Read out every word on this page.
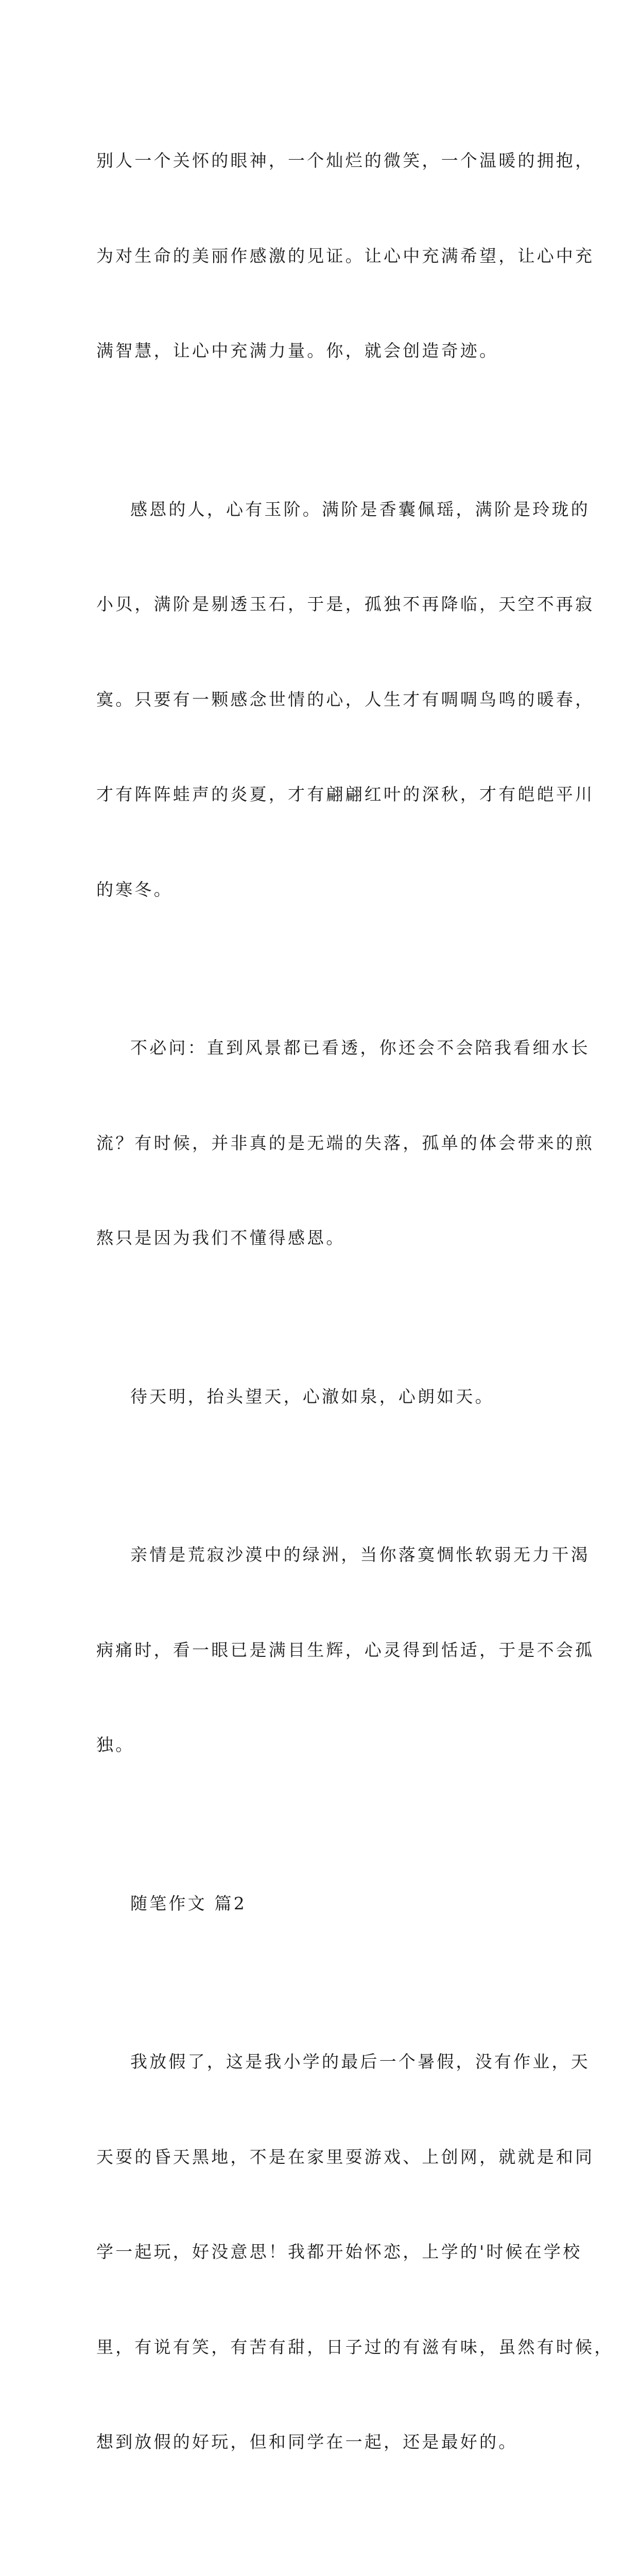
别人一个关怀的眼神，一个灿烂的微笑，一个温暖的拥抱，

为对生命的美丽作感激的见证。让心中充满希望，让心中充

满智慧，让心中充满力量。你，就会创造奇迹。

感恩的人，心有玉阶。满阶是香囊佩瑶，满阶是玲珑的

小贝，满阶是剔透玉石，于是，孤独不再降临，天空不再寂

寞。只要有一颗感念世情的心，人生才有啁啁鸟鸣的暖春，

才有阵阵蛙声的炎夏，才有翩翩红叶的深秋，才有皑皑平川

的寒冬。

不必问：直到风景都已看透，你还会不会陪我看细水长

流？有时候，并非真的是无端的失落，孤单的体会带来的煎

熬只是因为我们不懂得感恩。

待天明，抬头望天，心澈如泉，心朗如天。

亲情是荒寂沙漠中的绿洲，当你落寞惆怅软弱无力干渴

病痛时，看一眼已是满目生辉，心灵得到恬适，于是不会孤

独。

随笔作文 篇2

我放假了，这是我小学的最后一个暑假，没有作业，天

天耍的昏天黑地，不是在家里耍游戏、上创网，就就是和同

学一起玩，好没意思！我都开始怀恋，上学的'时候在学校

里，有说有笑，有苦有甜，日子过的有滋有味，虽然有时候，

想到放假的好玩，但和同学在一起，还是最好的。
